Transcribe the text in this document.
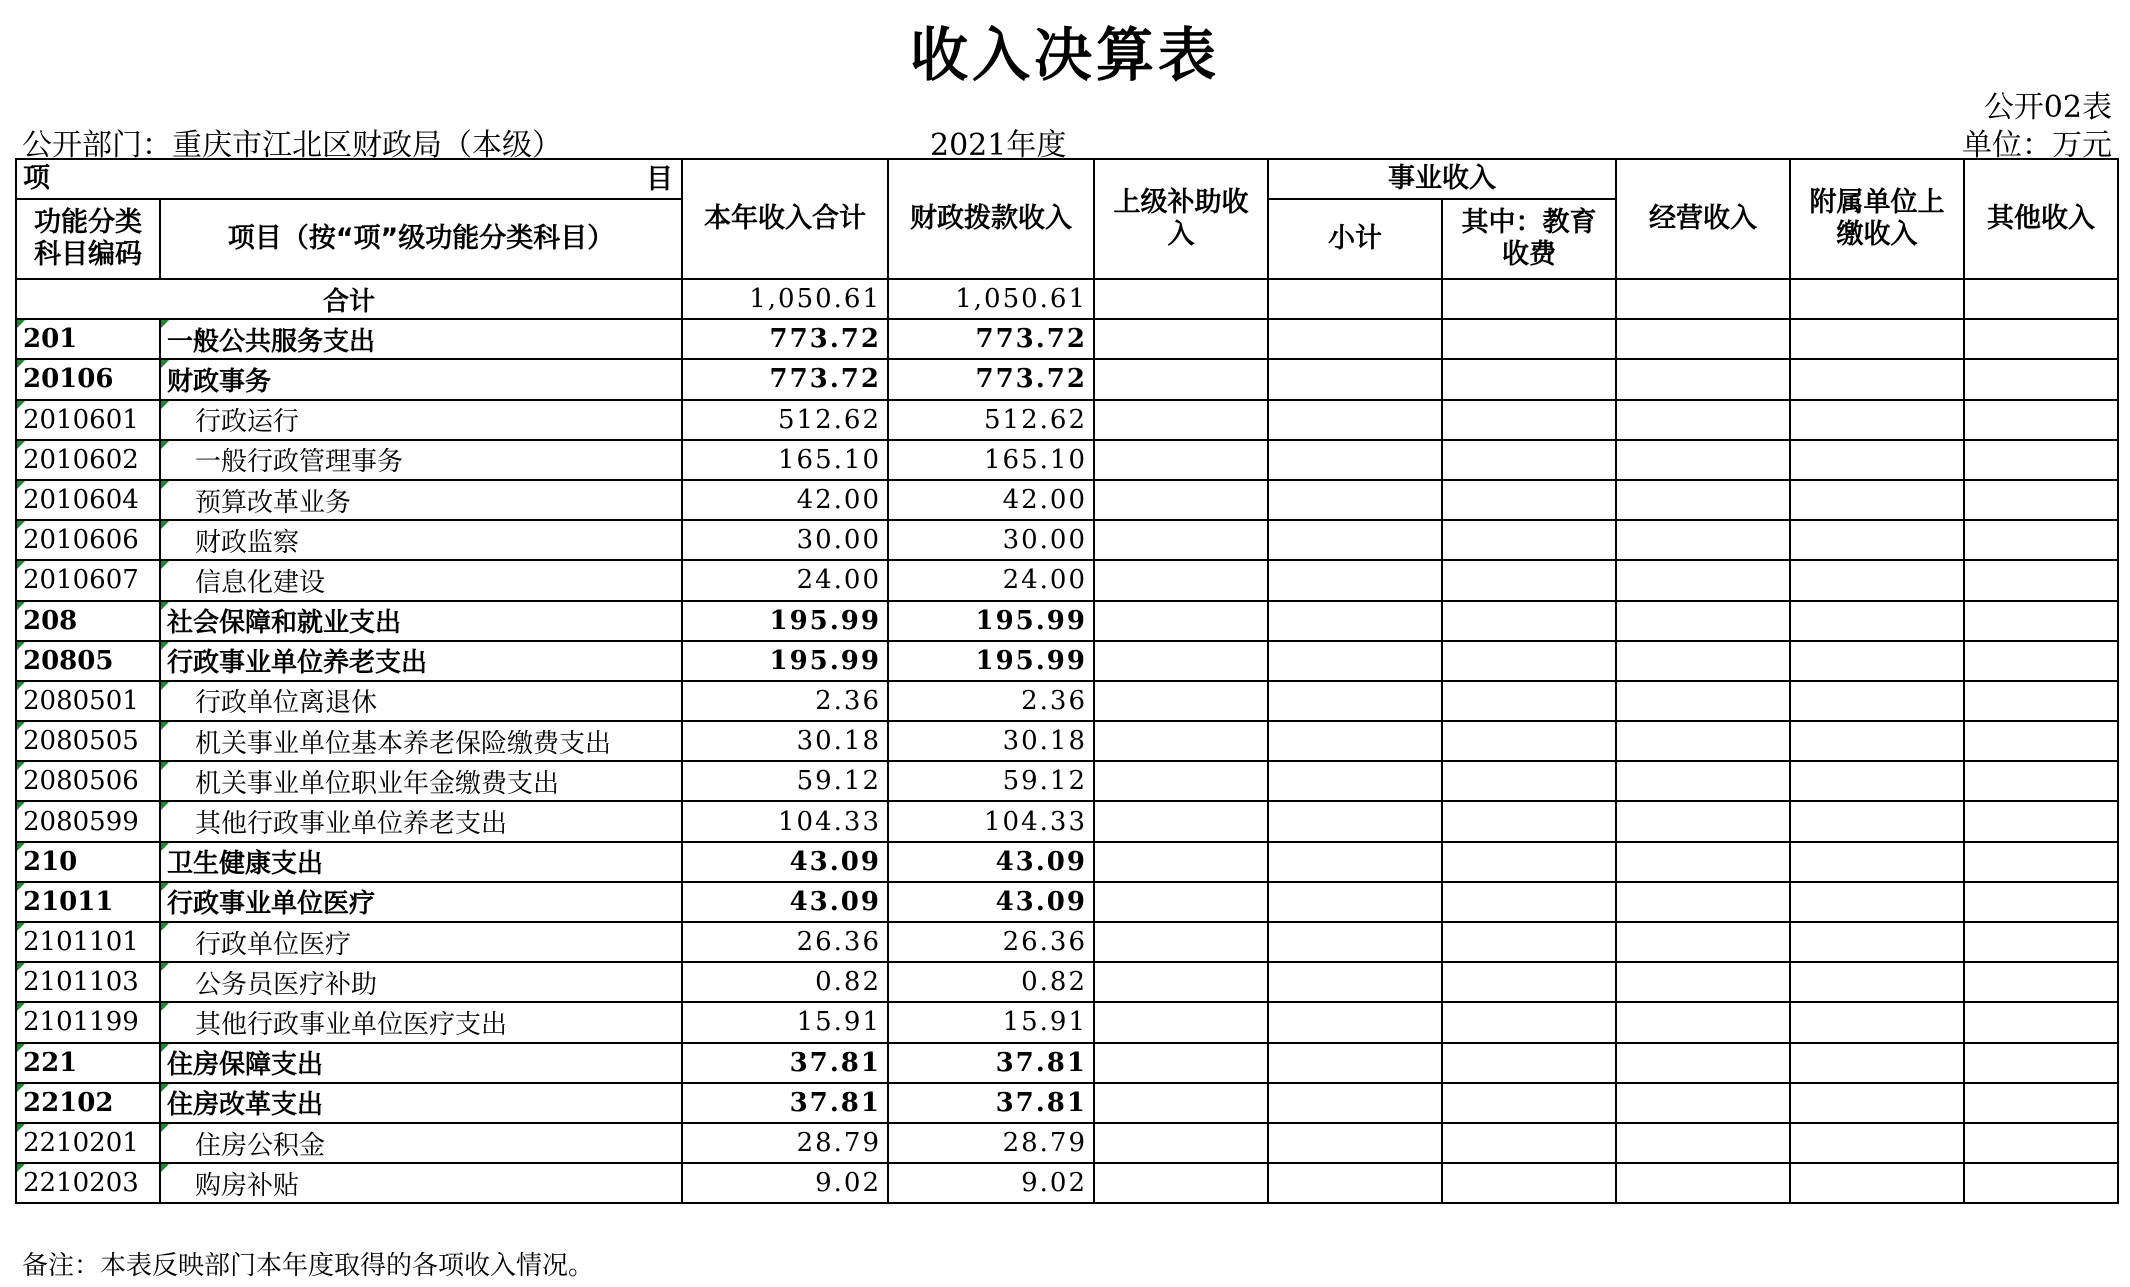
收入决算表
公开02表
公开部门：重庆市江北区财政局（本级）	2021年度	单位：万元
项 目		本年收入合计	财政拨款收入	上级补助收入	事业收入		经营收入	附属单位上缴收入	其他收入
功能分类科目编码	项目（按“项”级功能分类科目）								
					小计	其中：教育收费			
合计		1,050.61	1,050.61						
201	一般公共服务支出	773.72	773.72						
20106	财政事务	773.72	773.72						
2010601	行政运行	512.62	512.62						
2010602	一般行政管理事务	165.10	165.10						
2010604	预算改革业务	42.00	42.00						
2010606	财政监察	30.00	30.00						
2010607	信息化建设	24.00	24.00						
208	社会保障和就业支出	195.99	195.99						
20805	行政事业单位养老支出	195.99	195.99						
2080501	行政单位离退休	2.36	2.36						
2080505	机关事业单位基本养老保险缴费支出	30.18	30.18						
2080506	机关事业单位职业年金缴费支出	59.12	59.12						
2080599	其他行政事业单位养老支出	104.33	104.33						
210	卫生健康支出	43.09	43.09						
21011	行政事业单位医疗	43.09	43.09						
2101101	行政单位医疗	26.36	26.36						
2101103	公务员医疗补助	0.82	0.82						
2101199	其他行政事业单位医疗支出	15.91	15.91						
221	住房保障支出	37.81	37.81						
22102	住房改革支出	37.81	37.81						
2210201	住房公积金	28.79	28.79						
2210203	购房补贴	9.02	9.02						
备注：本表反映部门本年度取得的各项收入情况。
